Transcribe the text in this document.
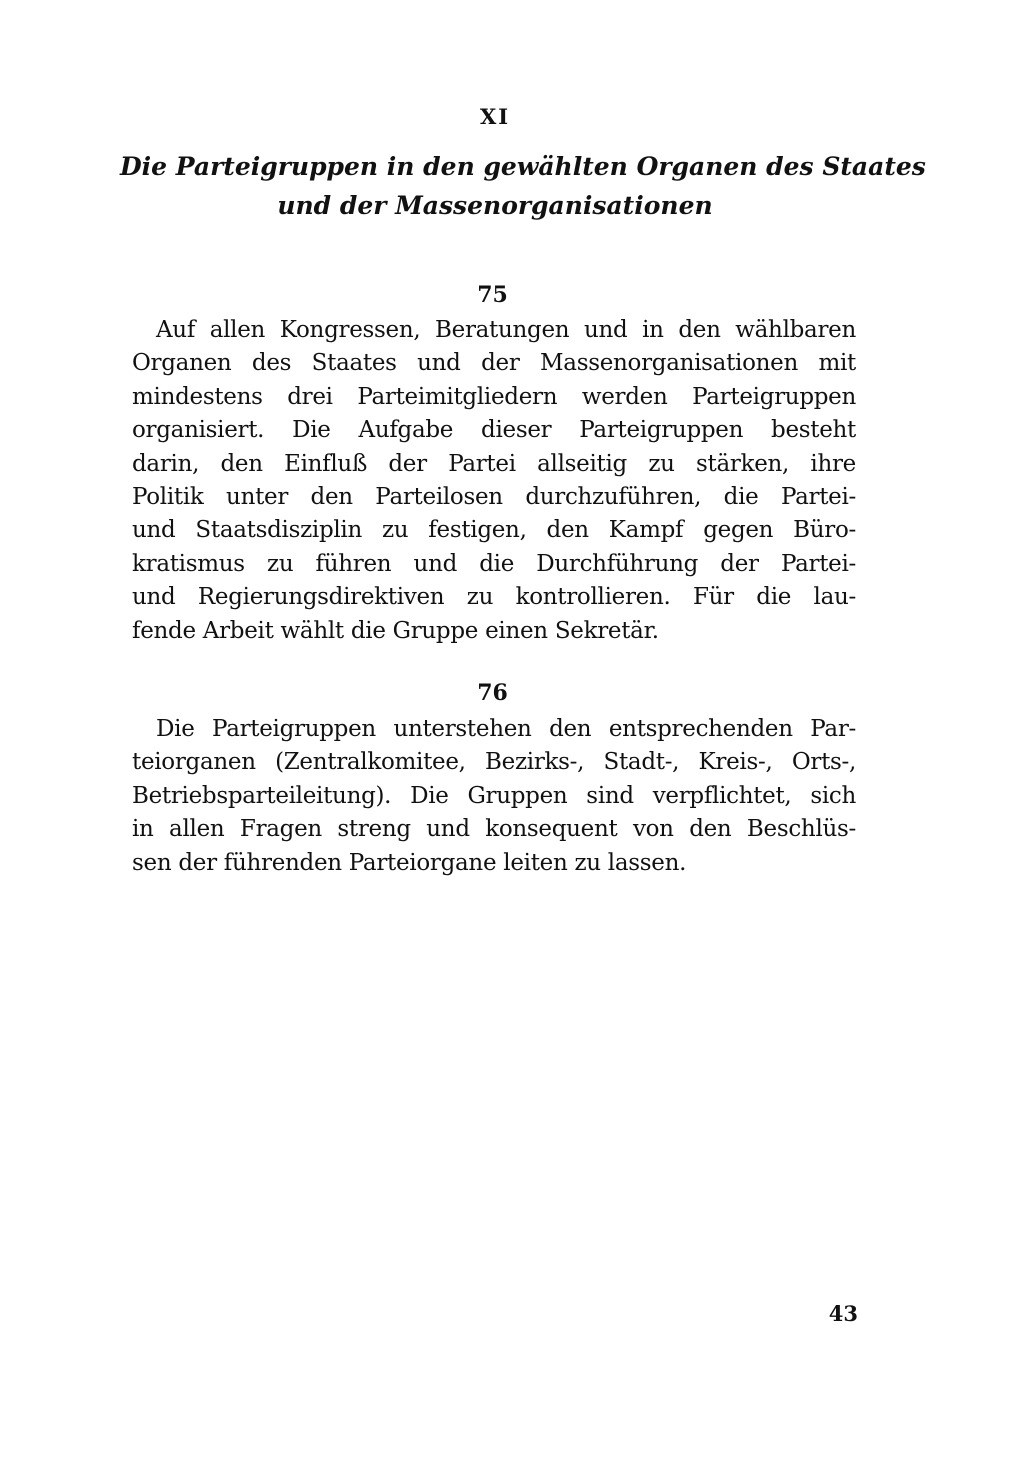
XI
Die Parteigruppen in den gewählten Organen des Staates
und der Massenorganisationen
75
Auf allen Kongressen, Beratungen und in den wählbaren
Organen des Staates und der Massenorganisationen mit
mindestens drei Parteimitgliedern werden Parteigruppen
organisiert. Die Aufgabe dieser Parteigruppen besteht
darin, den Einfluß der Partei allseitig zu stärken, ihre
Politik unter den Parteilosen durchzuführen, die Partei-
und Staatsdisziplin zu festigen, den Kampf gegen Büro-
kratismus zu führen und die Durchführung der Partei-
und Regierungsdirektiven zu kontrollieren. Für die lau-
fende Arbeit wählt die Gruppe einen Sekretär.
76
Die Parteigruppen unterstehen den entsprechenden Par-
teiorganen (Zentralkomitee, Bezirks-, Stadt-, Kreis-, Orts-,
Betriebsparteileitung). Die Gruppen sind verpflichtet, sich
in allen Fragen streng und konsequent von den Beschlüs-
sen der führenden Parteiorgane leiten zu lassen.
43
